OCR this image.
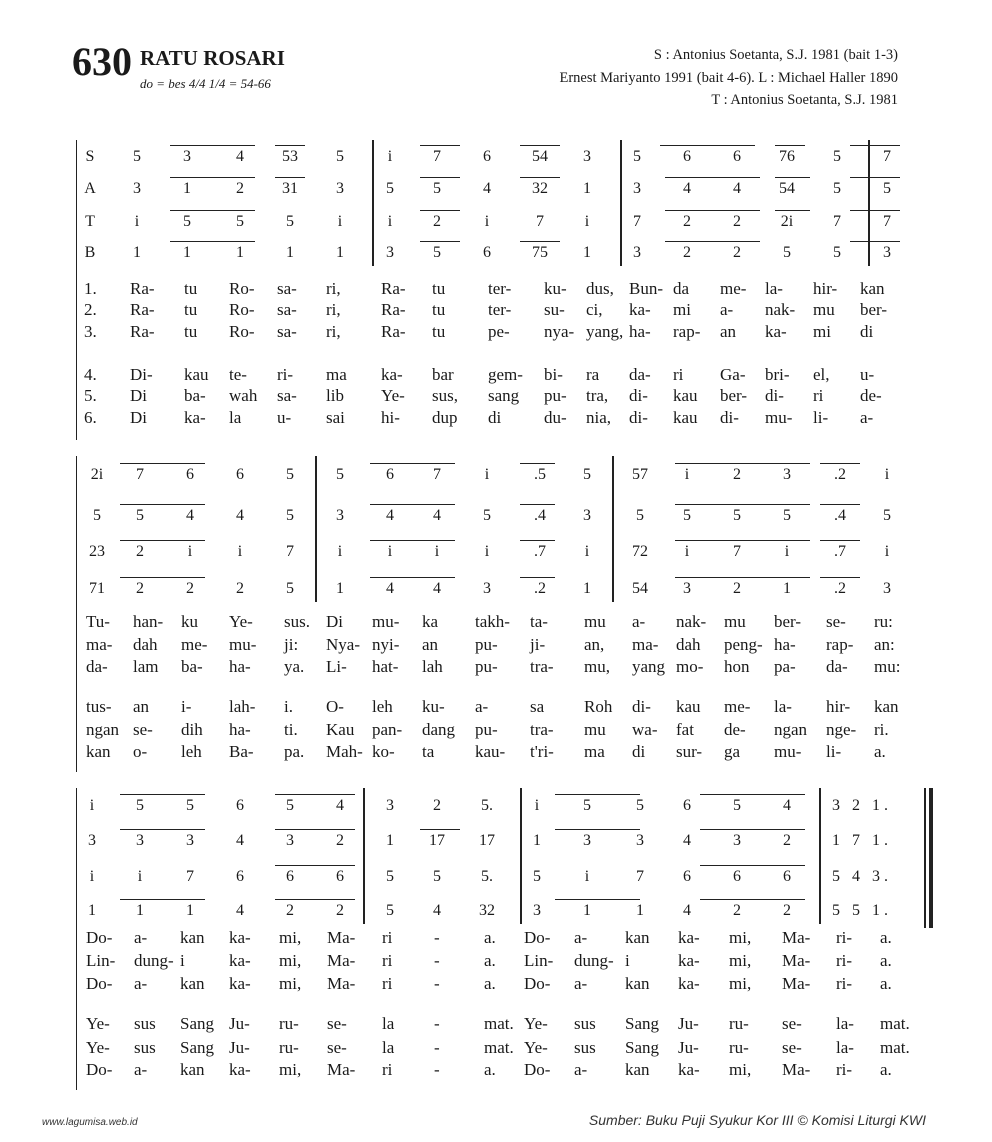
630 RATU ROSARI
do = bes 4/4 1/4 = 54-66
S : Antonius Soetanta, S.J. 1981 (bait 1-3)
Ernest Mariyanto 1991 (bait 4-6). L : Michael Haller 1890
T : Antonius Soetanta, S.J. 1981
S	5	3	4	53	5	i	7	6	54	3	5	6	6	76	5	7
A	3	1	2	31	3	5	5	4	32	1	3	4	4	54	5	5
T	i	5	5	5	i	i	2	i	7	i	7	2	2	2i	7	7
B	1	1	1	1	1	3	5	6	75	1	3	2	2	5	5	3
1. Ra- tu Ro- sa- ri, Ra- tu	ter- ku- dus, Bun- da me- la- hir- kan
2. Ra- tu Ro- sa- ri, Ra- tu	ter- su- ci, ka- mi a- nak- mu ber-
3. Ra- tu Ro- sa- ri, Ra- tu	pe- nya- yang, ha- rap- an ka- mi di
4. Di- kau te- ri- ma ka- bar gem- bi- ra da- ri Ga- bri- el, u-
5. Di ba- wah sa- lib Ye- sus, sang pu- tra, di- kau ber- di- ri de-
6. Di ka- la u- sai hi- dup di	du- nia, di- kau di- mu- li- a-
2i	7	6	6	5	5	6	7	i	.5	5	57	i	2	3	.2	i
5	5	4	4	5	3	4	4	5	.4	3	5	5	5	5	.4	5
23	2	i	i	7	i	i	i	i	.7	i	72	i	7	i	.7	i
71	2	2	2	5	1	4	4	3	.2	1	54	3	2	1	.2	3
Tu- han- ku Ye- sus. Di mu- ka takh- ta- mu a- nak- mu ber- se- ru:
ma- dah me- mu- ji: Nya- nyi- an pu- ji- an, ma- dah peng- ha- rap- an:
da- lam ba- ha- ya. Li- hat- lah pu- tra- mu, yang mo- hon pa- da- mu:
tus- an i- lah- i. O- leh ku- a- sa Roh di- kau me- la- hir- kan
ngan se- dih ha- ti. Kau pan- dang pu- tra- mu wa- fat de- ngan nge- ri.
kan o- leh Ba- pa. Mah- ko- ta kau- t'ri- ma di sur- ga mu- li- a.
i	5	5	6	5	4	3	2	5.	i	5	5	6	5	4	3 2 1.
3	3	3	4	3	2	1	17	17	1	3	3	4	3	2	1 7 1.
i	i	7	6	6	6	5	5	5.	5	i	7	6	6	6	5 4 3.
1	1	1	4	2	2	5	4	32	3	1	1	4	2	2	5 5 1.
Do- a- kan ka- mi, Ma- ri -	a. Do- a- kan ka- mi, Ma- ri- a.
Lin- dung- i	ka- mi, Ma- ri -	a. Lin- dung- i	ka- mi, Ma- ri- a.
Do- a- kan ka- mi, Ma- ri -	a. Do- a- kan ka- mi, Ma- ri- a.
Ye- sus Sang Ju- ru- se- la -	mat. Ye- sus Sang Ju- ru- se- la- mat.
Ye- sus Sang Ju- ru- se- la -	mat. Ye- sus Sang Ju- ru- se- la- mat.
Do- a- kan ka- mi, Ma- ri -	a. Do- a- kan ka- mi, Ma- ri- a.
www.lagumisa.web.id	Sumber: Buku Puji Syukur Kor III © Komisi Liturgi KWI
